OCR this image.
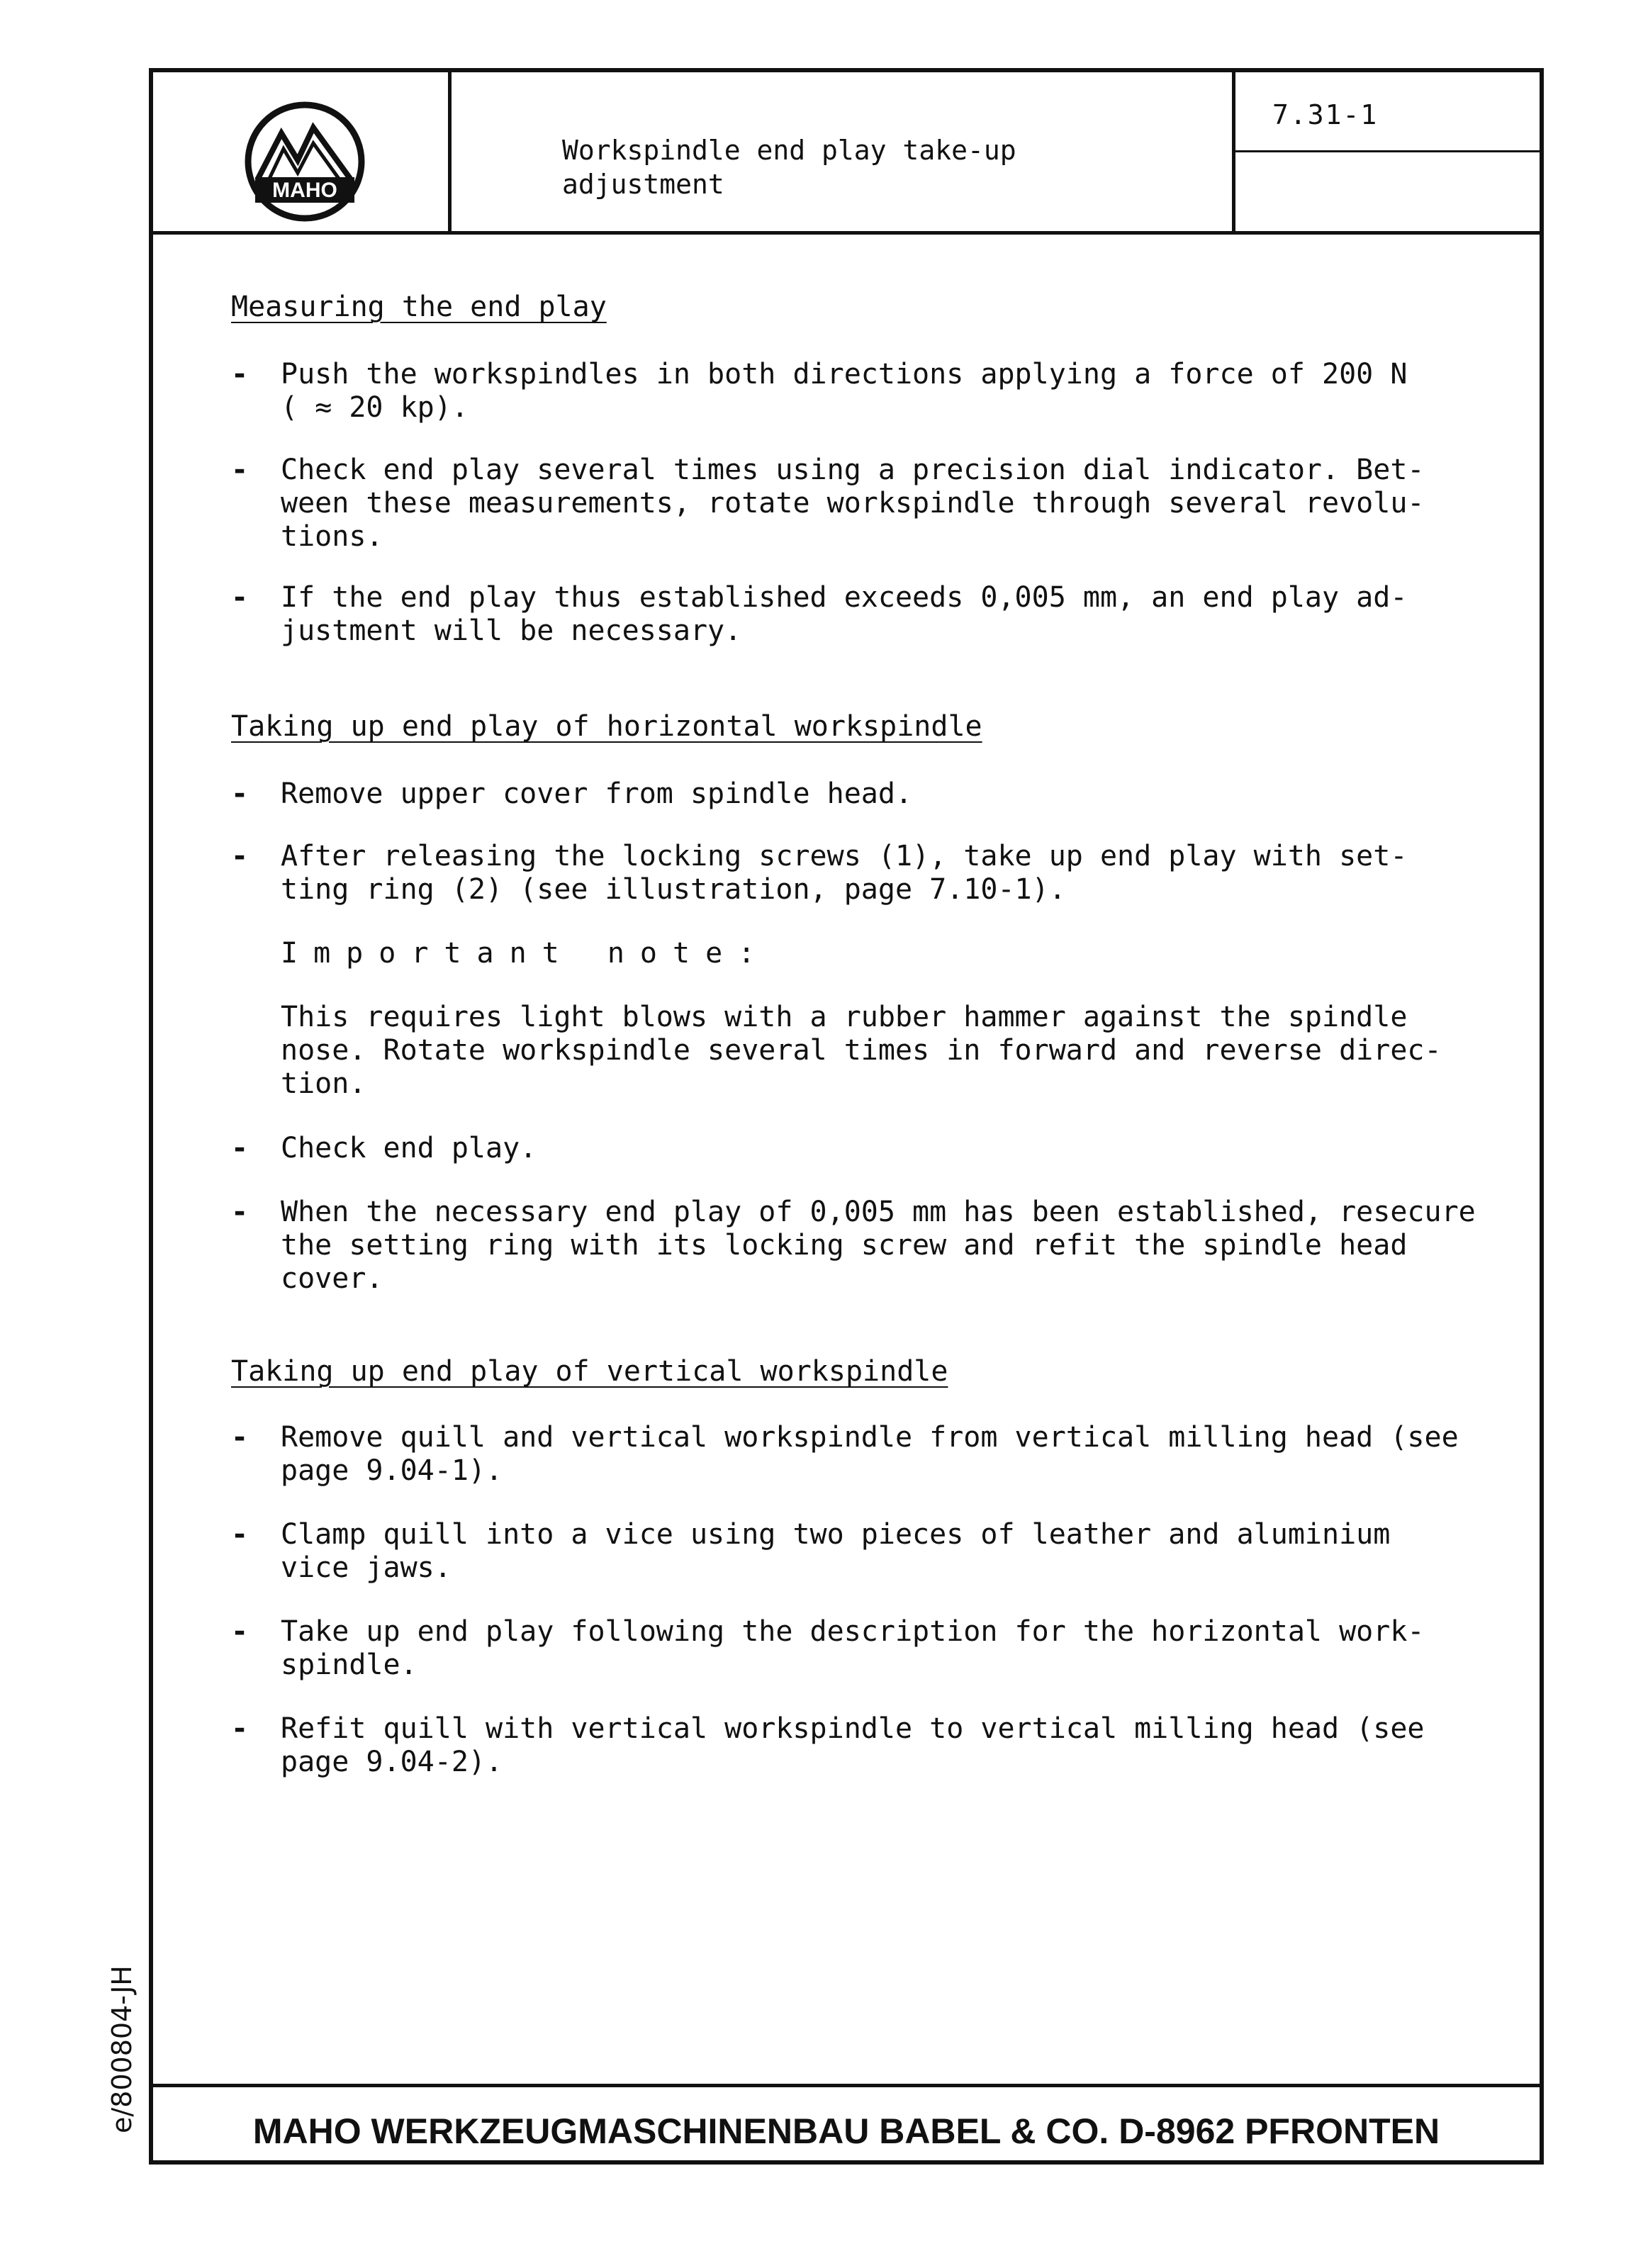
MAHO
Workspindle end play take-up
adjustment
7.31-1
Measuring the end play
- Push the workspindles in both directions applying a force of 200 N
( ≈ 20 kp).
- Check end play several times using a precision dial indicator. Bet-
ween these measurements, rotate workspindle through several revolu-
tions.
- If the end play thus established exceeds 0,005 mm, an end play ad-
justment will be necessary.
Taking up end play of horizontal workspindle
- Remove upper cover from spindle head.
- After releasing the locking screws (1), take up end play with set-
ting ring (2) (see illustration, page 7.10-1).
Important note:
This requires light blows with a rubber hammer against the spindle
nose. Rotate workspindle several times in forward and reverse direc-
tion.
- Check end play.
- When the necessary end play of 0,005 mm has been established, resecure
the setting ring with its locking screw and refit the spindle head
cover.
Taking up end play of vertical workspindle
- Remove quill and vertical workspindle from vertical milling head (see
page 9.04-1).
- Clamp quill into a vice using two pieces of leather and aluminium
vice jaws.
- Take up end play following the description for the horizontal work-
spindle.
- Refit quill with vertical workspindle to vertical milling head (see
page 9.04-2).
e/800804-JH	MAHO WERKZEUGMASCHINENBAU BABEL & CO. D-8962 PFRONTEN
